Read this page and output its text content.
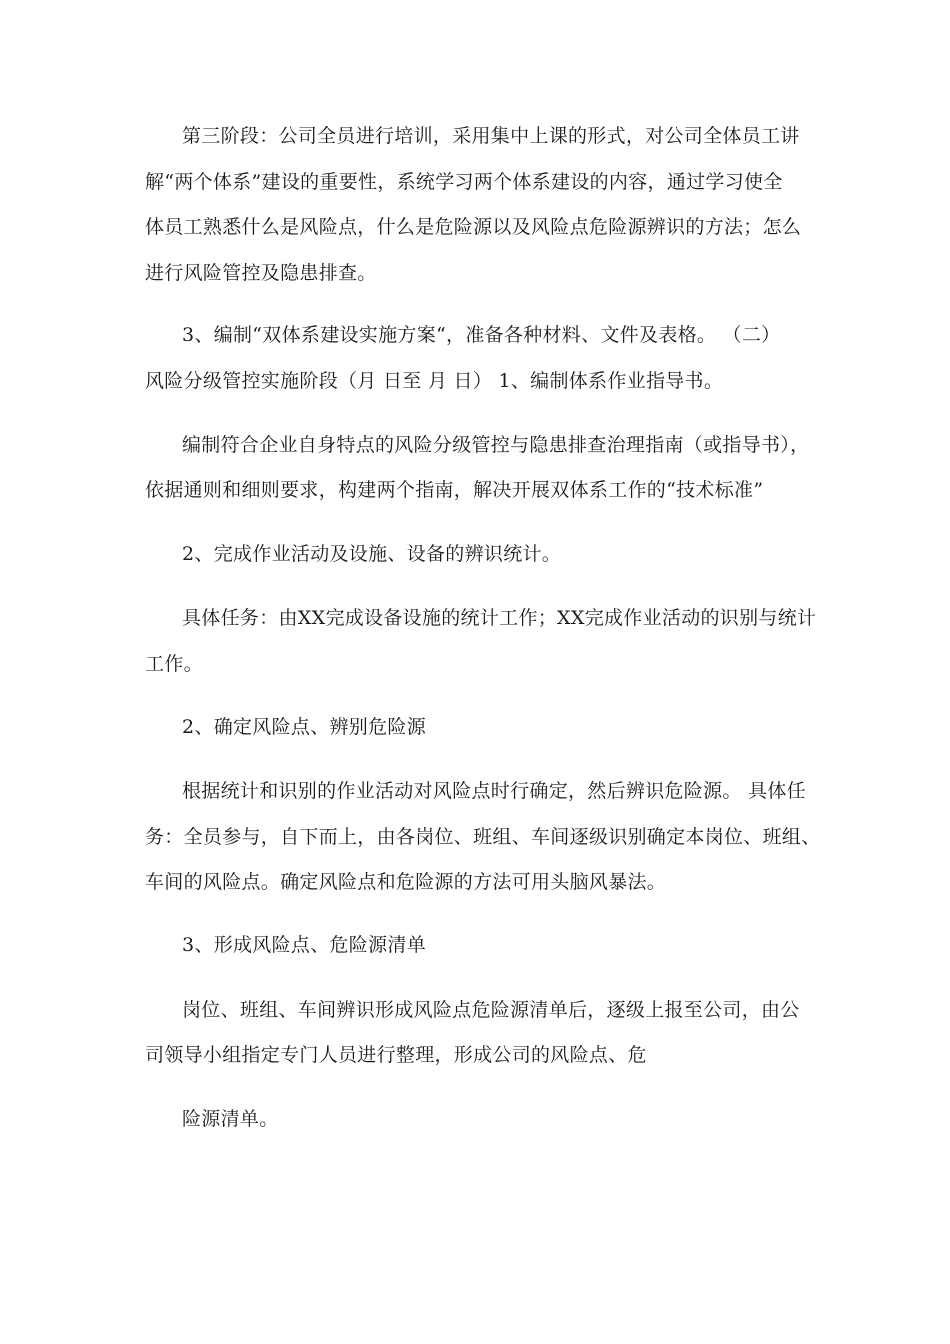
第三阶段：公司全员进行培训，采用集中上课的形式，对公司全体员工讲
解“两个体系”建设的重要性，系统学习两个体系建设的内容，通过学习使全
体员工熟悉什么是风险点，什么是危险源以及风险点危险源辨识的方法；怎么
进行风险管控及隐患排查。
3、编制“双体系建设实施方案“，准备各种材料、文件及表格。 （二）
风险分级管控实施阶段（月 日至 月 日） 1、编制体系作业指导书。
编制符合企业自身特点的风险分级管控与隐患排查治理指南（或指导书），
依据通则和细则要求，构建两个指南，解决开展双体系工作的“技术标准”
2、完成作业活动及设施、设备的辨识统计。
具体任务：由XX完成设备设施的统计工作；XX完成作业活动的识别与统计
工作。
2、确定风险点、辨别危险源
根据统计和识别的作业活动对风险点时行确定，然后辨识危险源。 具体任
务：全员参与，自下而上，由各岗位、班组、车间逐级识别确定本岗位、班组、
车间的风险点。确定风险点和危险源的方法可用头脑风暴法。
3、形成风险点、危险源清单
岗位、班组、车间辨识形成风险点危险源清单后，逐级上报至公司，由公
司领导小组指定专门人员进行整理，形成公司的风险点、危
险源清单。
